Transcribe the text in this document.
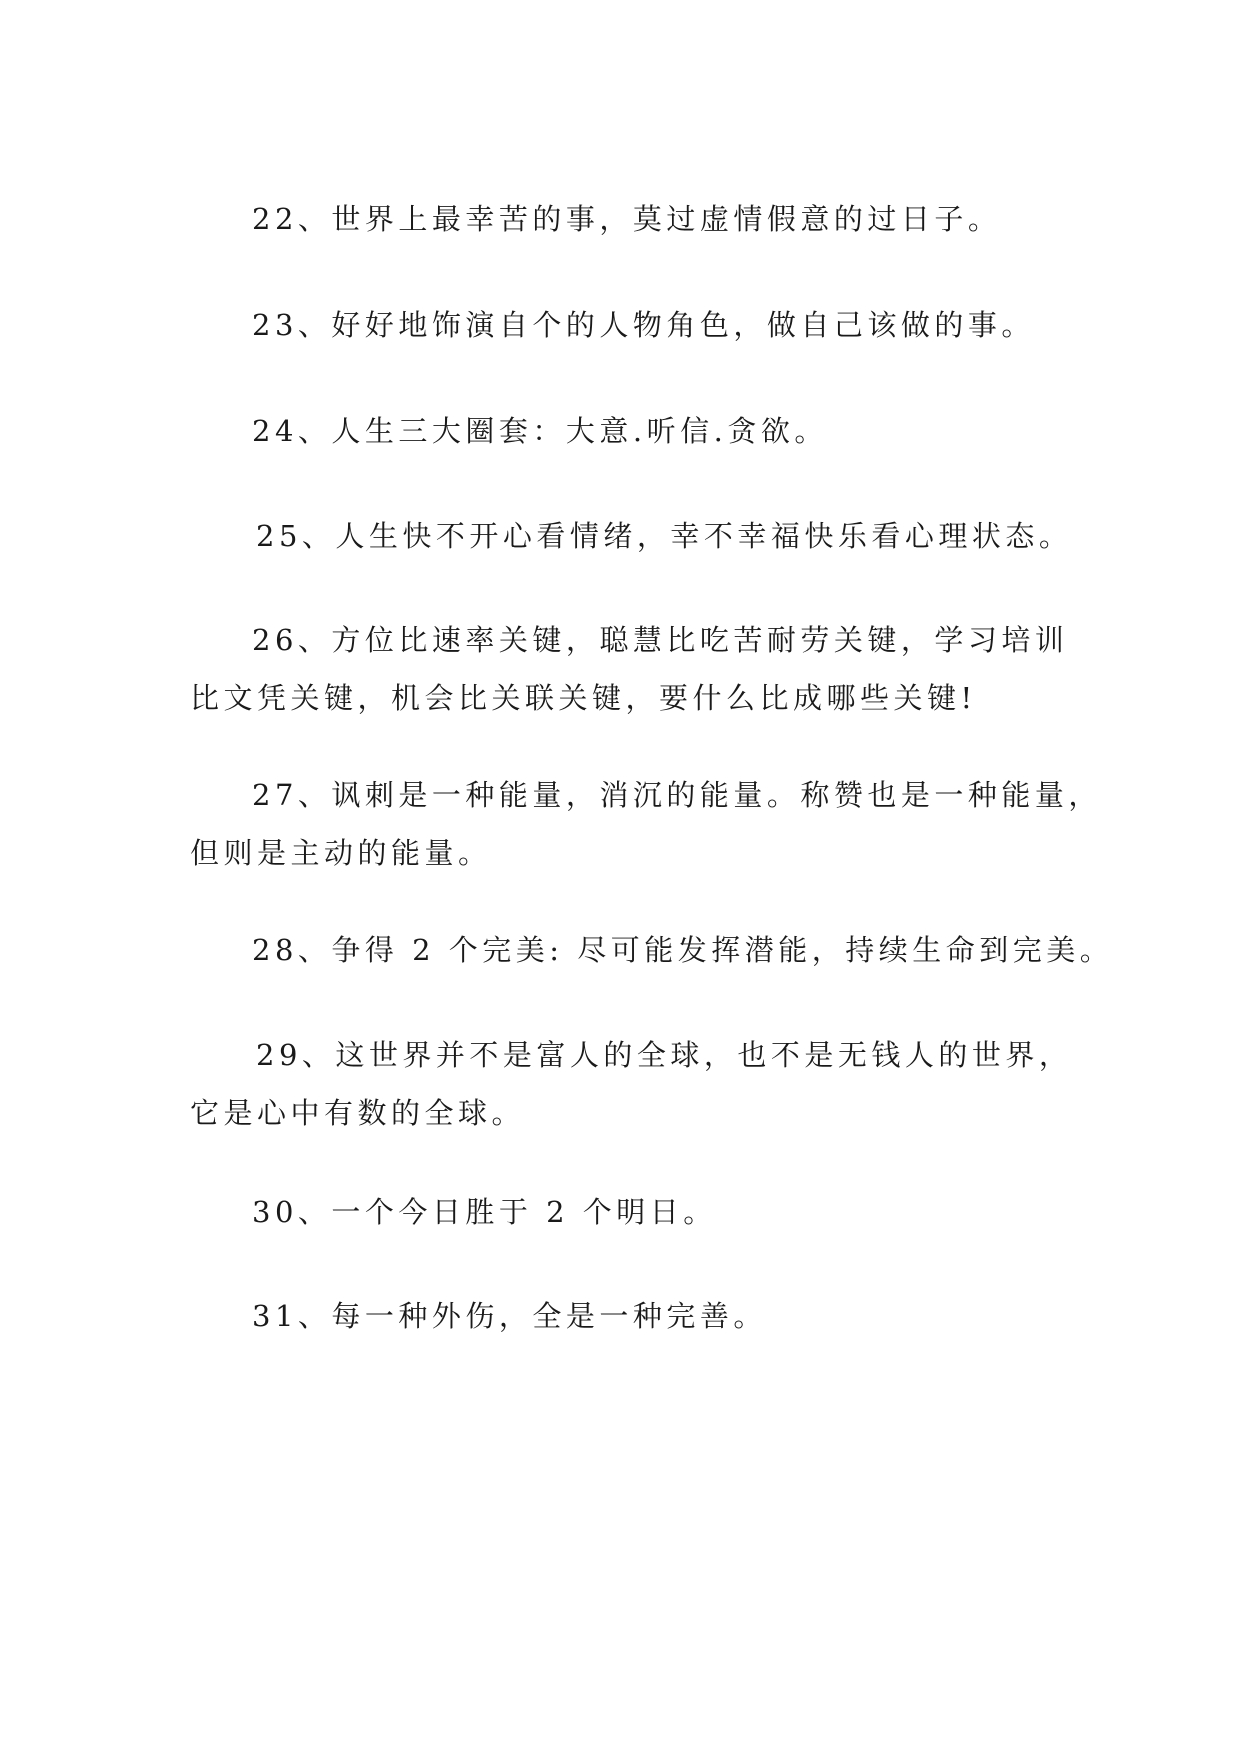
22、世界上最幸苦的事，莫过虚情假意的过日子。
23、好好地饰演自个的人物角色，做自己该做的事。
24、人生三大圈套：大意.听信.贪欲。
25、人生快不开心看情绪，幸不幸福快乐看心理状态。
26、方位比速率关键，聪慧比吃苦耐劳关键，学习培训
比文凭关键，机会比关联关键，要什么比成哪些关键!
27、讽刺是一种能量，消沉的能量。称赞也是一种能量，
但则是主动的能量。
28、争得 2 个完美: 尽可能发挥潜能，持续生命到完美。
29、这世界并不是富人的全球，也不是无钱人的世界，
它是心中有数的全球。
30、一个今日胜于 2 个明日。
31、每一种外伤，全是一种完善。
